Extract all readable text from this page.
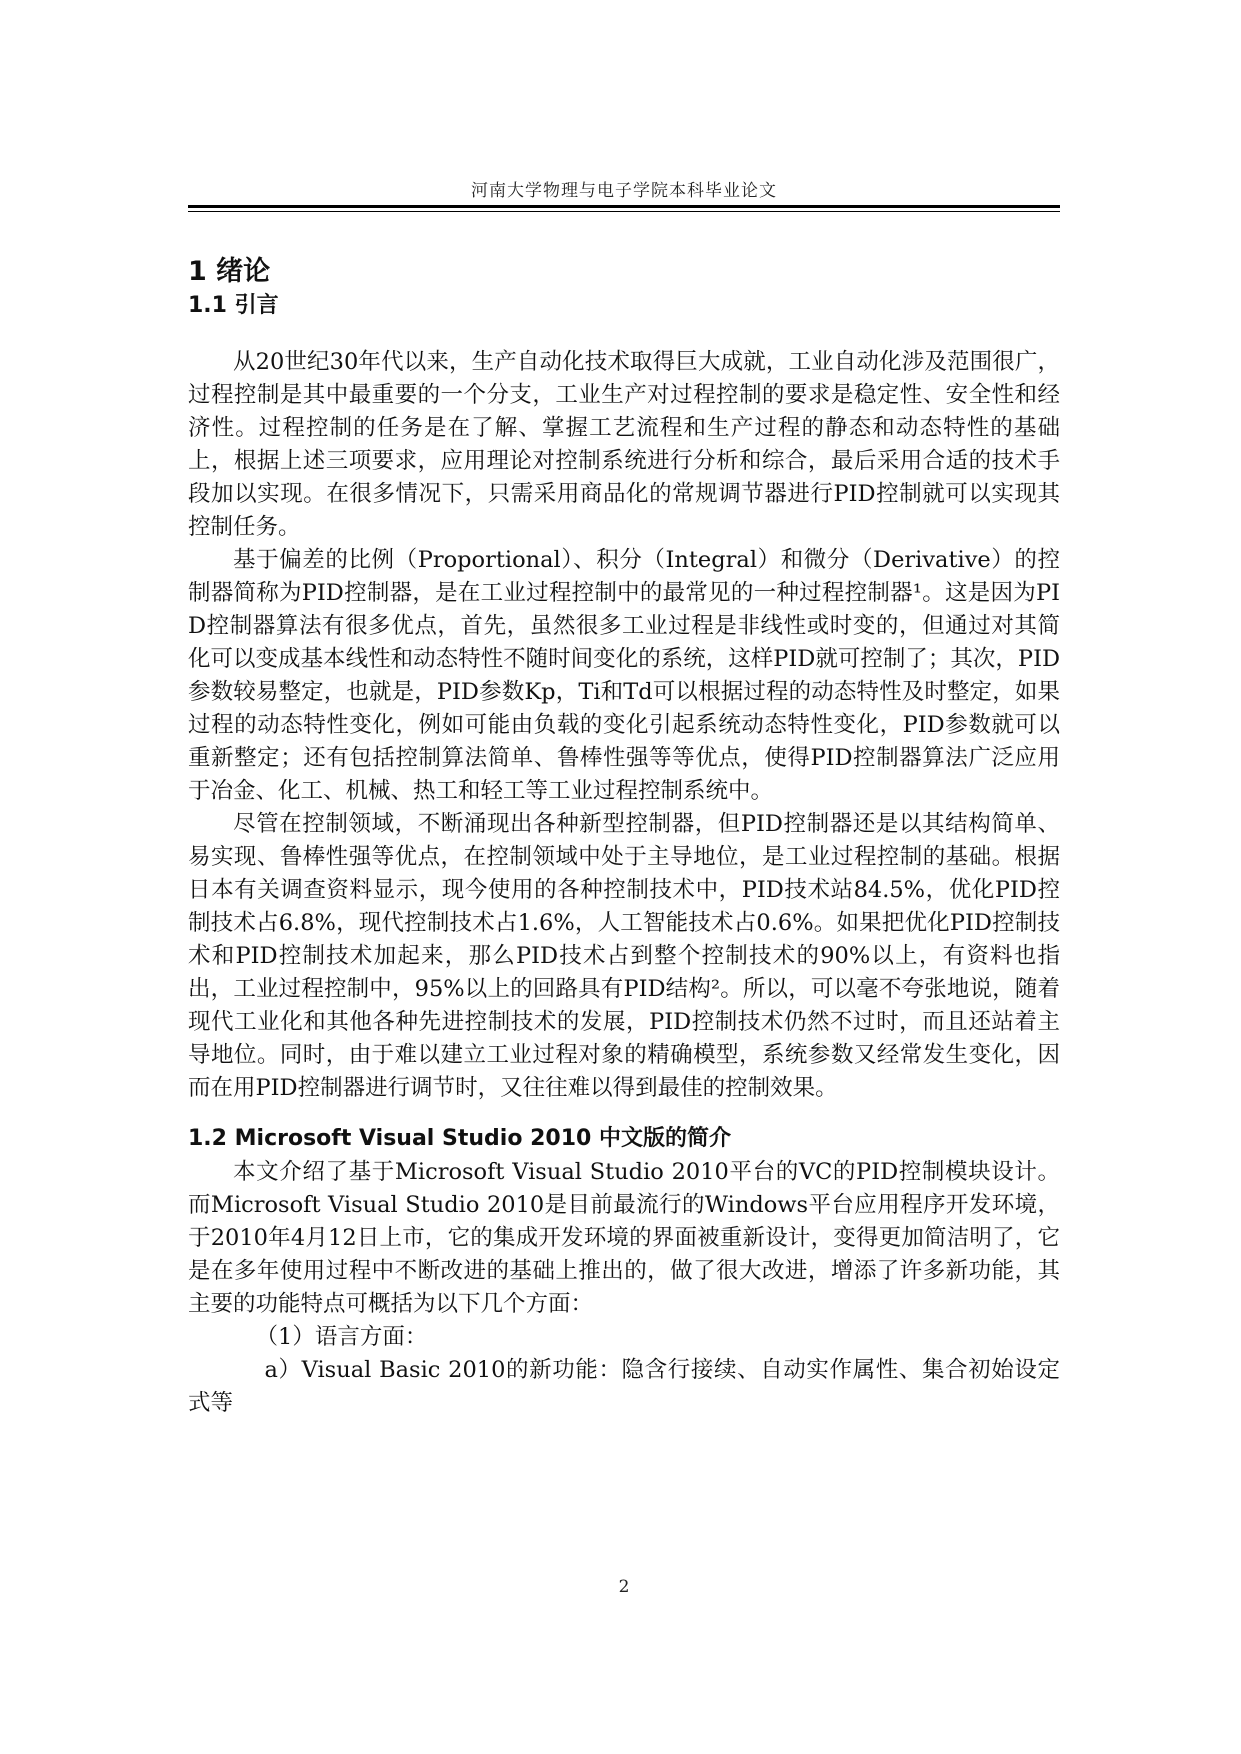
河南大学物理与电子学院本科毕业论文
1 绪论
1.1 引言

从20世纪30年代以来，生产自动化技术取得巨大成就，工业自动化涉及范围很广，过程控制是其中最重要的一个分支，工业生产对过程控制的要求是稳定性、安全性和经济性。过程控制的任务是在了解、掌握工艺流程和生产过程的静态和动态特性的基础上，根据上述三项要求，应用理论对控制系统进行分析和综合，最后采用合适的技术手段加以实现。在很多情况下，只需采用商品化的常规调节器进行PID控制就可以实现其控制任务。

基于偏差的比例（Proportional）、积分（Integral）和微分（Derivative）的控制器简称为PID控制器，是在工业过程控制中的最常见的一种过程控制器¹。这是因为PID控制器算法有很多优点，首先，虽然很多工业过程是非线性或时变的，但通过对其简化可以变成基本线性和动态特性不随时间变化的系统，这样PID就可控制了；其次，PID参数较易整定，也就是，PID参数Kp，Ti和Td可以根据过程的动态特性及时整定，如果过程的动态特性变化，例如可能由负载的变化引起系统动态特性变化，PID参数就可以重新整定；还有包括控制算法简单、鲁棒性强等等优点，使得PID控制器算法广泛应用于冶金、化工、机械、热工和轻工等工业过程控制系统中。

尽管在控制领域，不断涌现出各种新型控制器，但PID控制器还是以其结构简单、易实现、鲁棒性强等优点，在控制领域中处于主导地位，是工业过程控制的基础。根据日本有关调查资料显示，现今使用的各种控制技术中，PID技术站84.5%，优化PID控制技术占6.8%，现代控制技术占1.6%，人工智能技术占0.6%。如果把优化PID控制技术和PID控制技术加起来，那么PID技术占到整个控制技术的90%以上，有资料也指出，工业过程控制中，95%以上的回路具有PID结构²。所以，可以毫不夸张地说，随着现代工业化和其他各种先进控制技术的发展，PID控制技术仍然不过时，而且还站着主导地位。同时，由于难以建立工业过程对象的精确模型，系统参数又经常发生变化，因而在用PID控制器进行调节时，又往往难以得到最佳的控制效果。

1.2 Microsoft Visual Studio 2010 中文版的简介

本文介绍了基于Microsoft Visual Studio 2010平台的VC的PID控制模块设计。 而Microsoft Visual Studio 2010是目前最流行的Windows平台应用程序开发环境，于2010年4月12日上市，它的集成开发环境的界面被重新设计，变得更加简洁明了，它是在多年使用过程中不断改进的基础上推出的，做了很大改进，增添了许多新功能，其主要的功能特点可概括为以下几个方面：

（1）语言方面：

a）Visual Basic 2010的新功能：隐含行接续、自动实作属性、集合初始设定式等

2
